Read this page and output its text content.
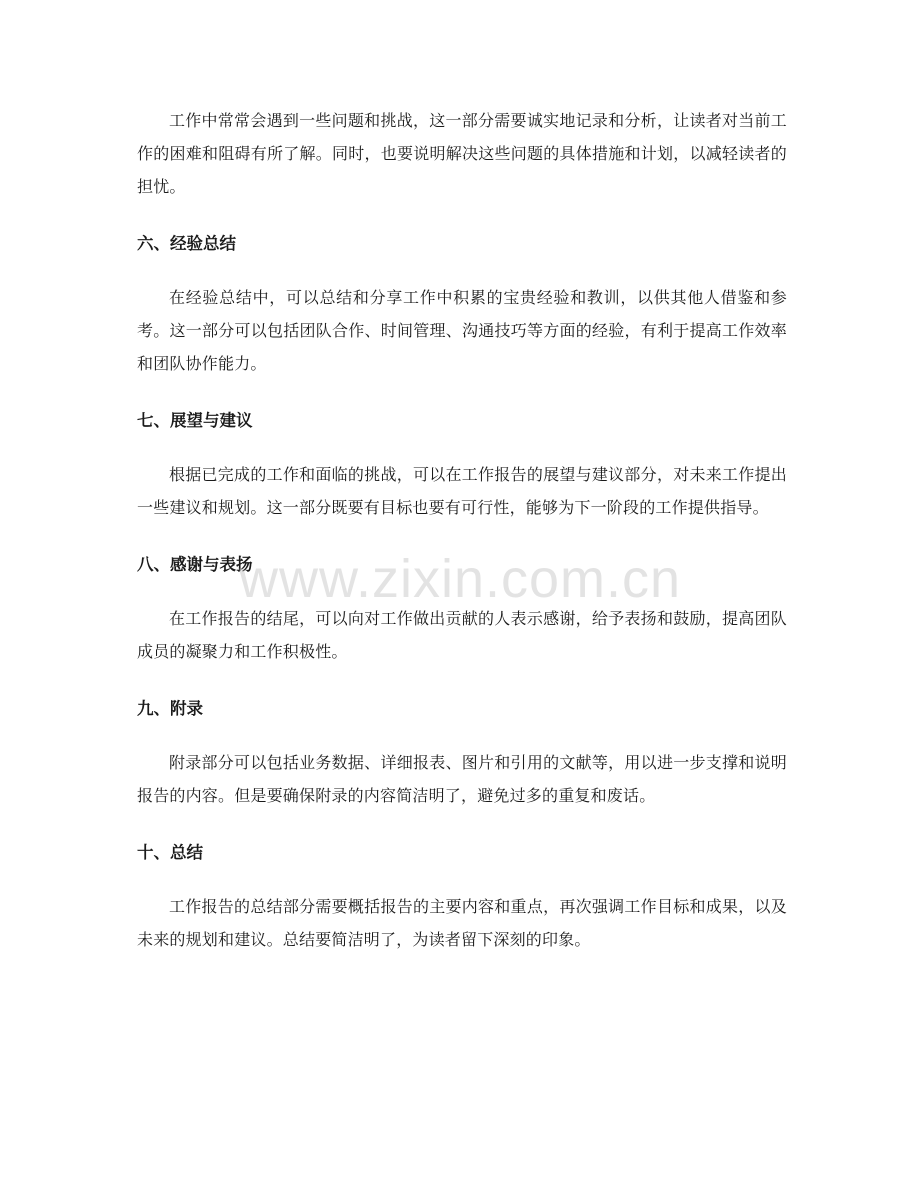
工作中常常会遇到一些问题和挑战，这一部分需要诚实地记录和分析，让读者对当前工作的困难和阻碍有所了解。同时，也要说明解决这些问题的具体措施和计划，以减轻读者的担忧。

六、经验总结

在经验总结中，可以总结和分享工作中积累的宝贵经验和教训，以供其他人借鉴和参考。这一部分可以包括团队合作、时间管理、沟通技巧等方面的经验，有利于提高工作效率和团队协作能力。

七、展望与建议

根据已完成的工作和面临的挑战，可以在工作报告的展望与建议部分，对未来工作提出一些建议和规划。这一部分既要有目标也要有可行性，能够为下一阶段的工作提供指导。

八、感谢与表扬

在工作报告的结尾，可以向对工作做出贡献的人表示感谢，给予表扬和鼓励，提高团队成员的凝聚力和工作积极性。

九、附录

附录部分可以包括业务数据、详细报表、图片和引用的文献等，用以进一步支撑和说明报告的内容。但是要确保附录的内容简洁明了，避免过多的重复和废话。

十、总结

工作报告的总结部分需要概括报告的主要内容和重点，再次强调工作目标和成果，以及未来的规划和建议。总结要简洁明了，为读者留下深刻的印象。

www.zixin.com.cn
